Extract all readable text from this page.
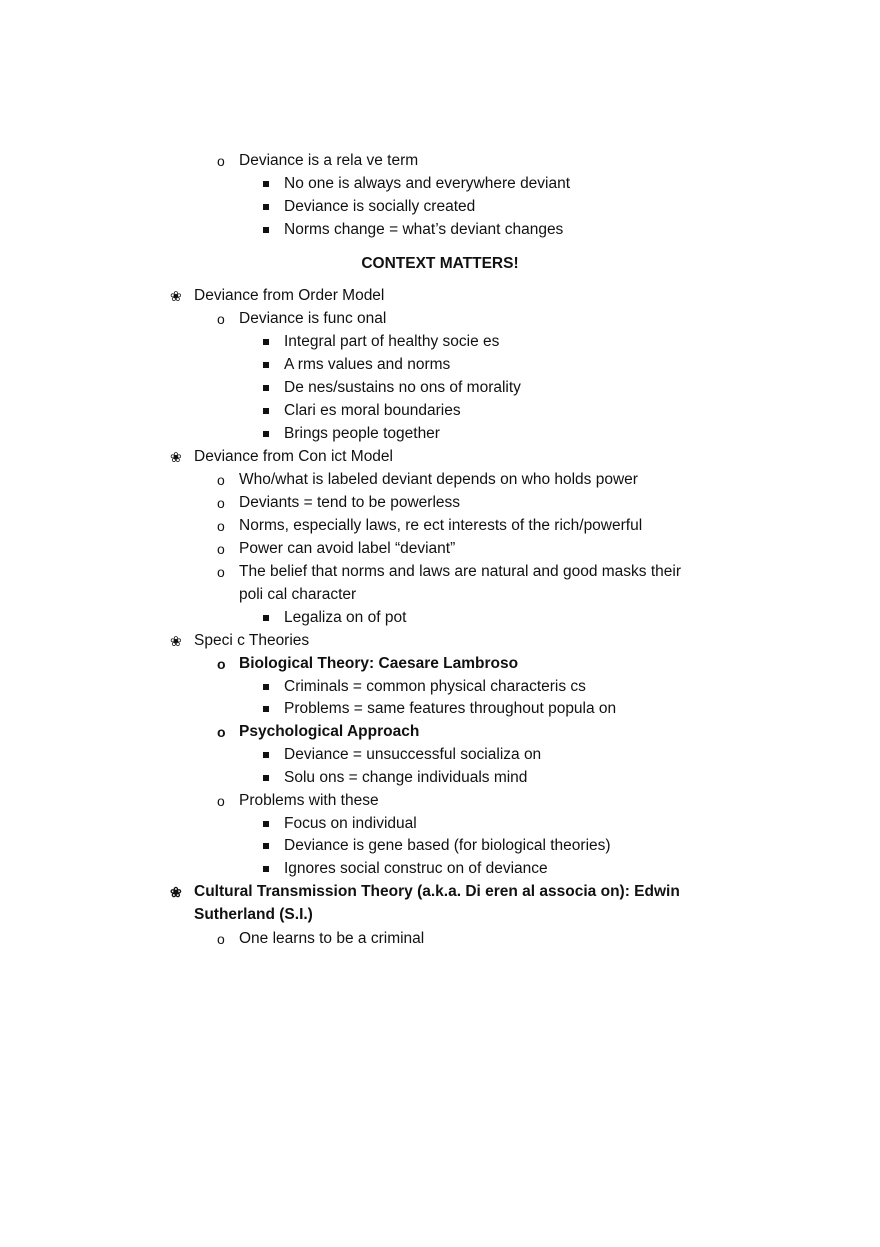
o Deviance is a rela ve term
No one is always and everywhere deviant
Deviance is socially created
Norms change = what’s deviant changes
CONTEXT MATTERS!
❀ Deviance from Order Model
o Deviance is func onal
Integral part of healthy socie es
A rms values and norms
De nes/sustains no ons of morality
Clari es moral boundaries
Brings people together
❀ Deviance from Con ict Model
o Who/what is labeled deviant depends on who holds power
o Deviants = tend to be powerless
o Norms, especially laws, re ect interests of the rich/powerful
o Power can avoid label “deviant”
o The belief that norms and laws are natural and good masks their
poli cal character
Legaliza on of pot
❀ Speci c Theories
o Biological Theory: Caesare Lambroso
Criminals = common physical characteris cs
Problems = same features throughout popula on
o Psychological Approach
Deviance = unsuccessful socializa on
Solu ons = change individuals mind
o Problems with these
Focus on individual
Deviance is gene based (for biological theories)
Ignores social construc on of deviance
❀ Cultural Transmission Theory (a.k.a. Di eren al associa on): Edwin
Sutherland (S.I.)
o One learns to be a criminal
